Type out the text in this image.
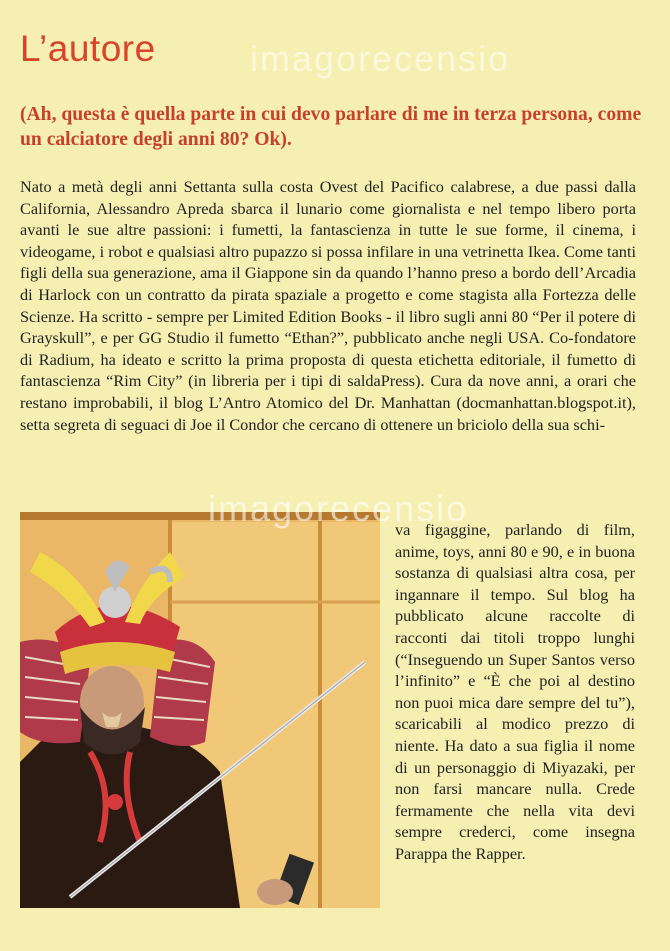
L’autore	imagorecensio

(Ah, questa è quella parte in cui devo parlare di me in terza persona, come un calciatore degli anni 80? Ok).

Nato a metà degli anni Settanta sulla costa Ovest del Pacifico calabrese, a due passi dalla California, Alessandro Apreda sbarca il lunario come giornalista e nel tempo libero porta avanti le sue altre passioni: i fumetti, la fantascienza in tutte le sue forme, il cinema, i videogame, i robot e qualsiasi altro pupazzo si possa infilare in una vetrinetta Ikea. Come tanti figli della sua generazione, ama il Giappone sin da quando l’hanno preso a bordo dell’Arcadia di Harlock con un contratto da pirata spaziale a progetto e come stagista alla Fortezza delle Scienze. Ha scritto - sempre per Limited Edition Books - il libro sugli anni 80 “Per il potere di Grayskull”, e per GG Studio il fumetto “Ethan?”, pubblicato anche negli USA. Co-fondatore di Radium, ha ideato e scritto la prima proposta di questa etichetta editoriale, il fumetto di fantascienza “Rim City” (in libreria per i tipi di saldaPress). Cura da nove anni, a orari che restano improbabili, il blog L’Antro Atomico del Dr. Manhattan (docmanhattan.blogspot.it), setta segreta di seguaci di Joe il Condor che cercano di ottenere un briciolo della sua schi-

imagorecensio

va figaggine, parlando di film, anime, toys, anni 80 e 90, e in buona sostanza di qualsiasi altra cosa, per ingannare il tempo. Sul blog ha pubblicato alcune raccolte di racconti dai titoli troppo lunghi (“Inseguendo un Super Santos verso l’infinito” e “È che poi al destino non puoi mica dare sempre del tu”), scaricabili al modico prezzo di niente. Ha dato a sua figlia il nome di un personaggio di Miyazaki, per non farsi mancare nulla. Crede fermamente che nella vita devi sempre crederci, come insegna Parappa the Rapper.
